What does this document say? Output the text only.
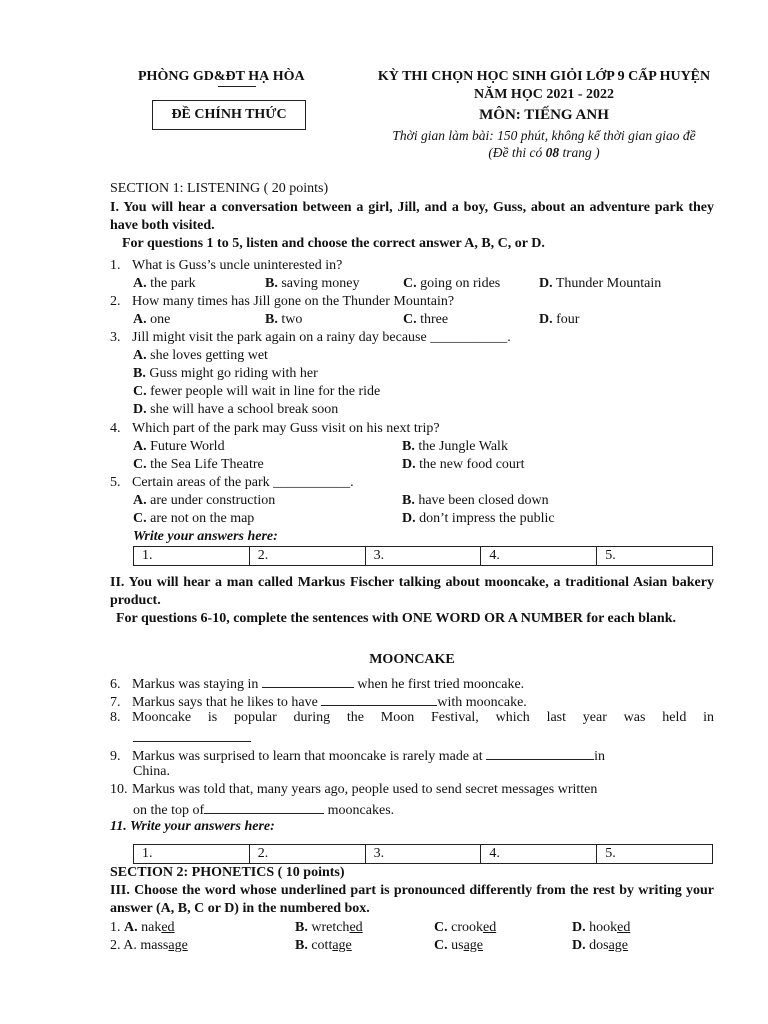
PHÒNG GD&ĐT HẠ HÒA
ĐỀ CHÍNH THỨC
KỲ THI CHỌN HỌC SINH GIỎI LỚP 9 CẤP HUYỆN
NĂM HỌC 2021 - 2022
MÔN: TIẾNG ANH
Thời gian làm bài: 150 phút, không kể thời gian giao đề
(Đề thi có 08 trang )
SECTION 1: LISTENING ( 20 points)
I. You will hear a conversation between a girl, Jill, and a boy, Guss, about an adventure park they have both visited.
For questions 1 to 5, listen and choose the correct answer A, B, C, or D.
1. What is Guss’s uncle uninterested in?
A. the park	B. saving money	C. going on rides	D. Thunder Mountain
2. How many times has Jill gone on the Thunder Mountain?
A. one	B. two	C. three	D. four
3. Jill might visit the park again on a rainy day because ___________.
A. she loves getting wet
B. Guss might go riding with her
C. fewer people will wait in line for the ride
D. she will have a school break soon
4. Which part of the park may Guss visit on his next trip?
A. Future World	B. the Jungle Walk
C. the Sea Life Theatre	D. the new food court
5. Certain areas of the park ___________.
A. are under construction	B. have been closed down
C. are not on the map	D. don’t impress the public
Write your answers here:
1.	2.	3.	4.	5.
II. You will hear a man called Markus Fischer talking about mooncake, a traditional Asian bakery product.
For questions 6-10, complete the sentences with ONE WORD OR A NUMBER for each blank.
MOONCAKE
6. Markus was staying in	when he first tried mooncake.
7. Markus says that he likes to have	with mooncake.
8. Mooncake is popular during the Moon Festival, which last year was held in
9. Markus was surprised to learn that mooncake is rarely made at	in
China.
10. Markus was told that, many years ago, people used to send secret messages written
on the top of	mooncakes.
11. Write your answers here:
1.	2.	3.	4.	5.
SECTION 2: PHONETICS ( 10 points)
III. Choose the word whose underlined part is pronounced differently from the rest by writing your answer (A, B, C or D) in the numbered box.
1. A. naked	B. wretched	C. crooked	D. hooked
2. A. massage	B. cottage	C. usage	D. dosage
